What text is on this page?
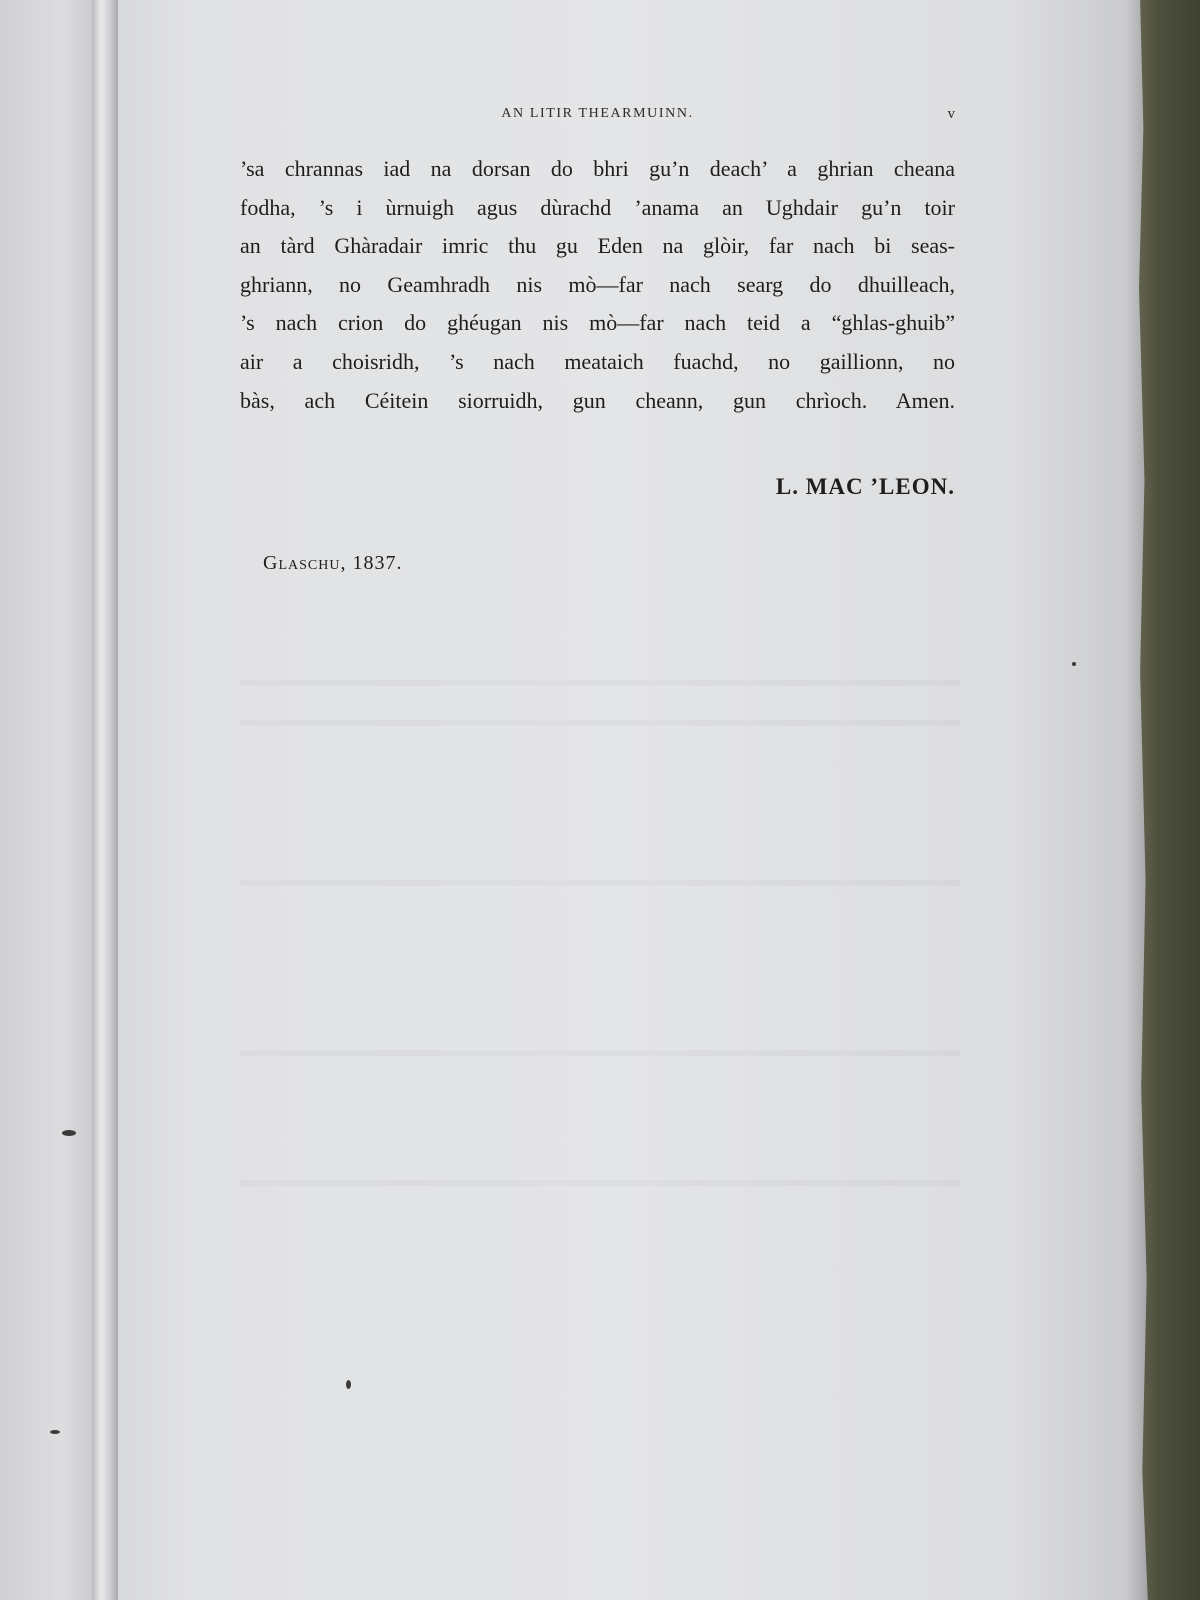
AN LITIR THEARMUINN.	v
’sa chrannas iad na dorsan do bhri gu’n deach’ a ghrian cheana
fodha, ’s i ùrnuigh agus dùrachd ’anama an Ughdair gu’n toir
an tàrd Ghàradair imric thu gu Eden na glòir, far nach bi seas-
ghriann, no Geamhradh nis mò—far nach searg do dhuilleach,
’s nach crion do ghéugan nis mò—far nach teid a “ghlas-ghuib”
air a choisridh, ’s nach meataich fuachd, no gaillionn, no
bàs, ach Céitein siorruidh, gun cheann, gun chrìoch. Amen.
L. MAC ’LEON.
Glaschu, 1837.
